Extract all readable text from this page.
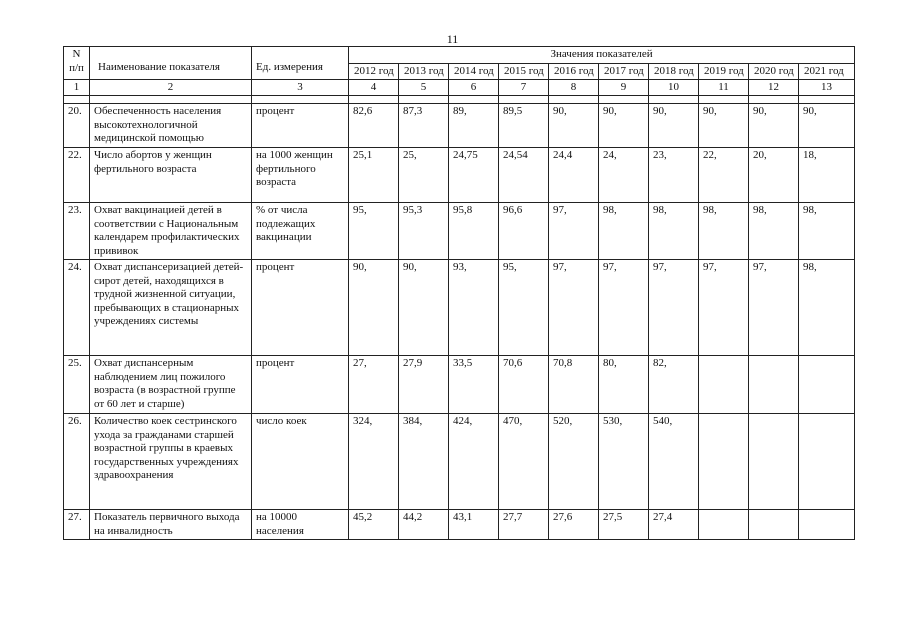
11
N п/п	Наименование показателя	Ед. измерения	Значения показателей									
			2012 год	2013 год	2014 год	2015 год	2016 год	2017 год	2018 год	2019 год	2020 год	2021 год
1	2	3	4	5	6	7	8	9	10	11	12	13

20.	Обеспеченность населения высокотехнологичной медицинской помощью	процент	82,6	87,3	89,	89,5	90,	90,	90,	90,	90,	90,
22.	Число абортов у женщин фертильного возраста	на 1000 женщин фертильного возраста	25,1	25,	24,75	24,54	24,4	24,	23,	22,	20,	18,
23.	Охват вакцинацией детей в соответствии с Национальным календарем профилактических прививок	% от числа подлежащих вакцинации	95,	95,3	95,8	96,6	97,	98,	98,	98,	98,	98,
24.	Охват диспансеризацией детей-сирот детей, находящихся в трудной жизненной ситуации, пребывающих в стационарных учреждениях системы	процент	90,	90,	93,	95,	97,	97,	97,	97,	97,	98,
25.	Охват диспансерным наблюдением лиц пожилого возраста (в возрастной группе от 60 лет и старше)	процент	27,	27,9	33,5	70,6	70,8	80,	82,			
26.	Количество коек сестринского ухода за гражданами старшей возрастной группы в краевых государственных учреждениях здравоохранения	число коек	324,	384,	424,	470,	520,	530,	540,			
27.	Показатель первичного выхода на инвалидность	на 10000 населения	45,2	44,2	43,1	27,7	27,6	27,5	27,4			
